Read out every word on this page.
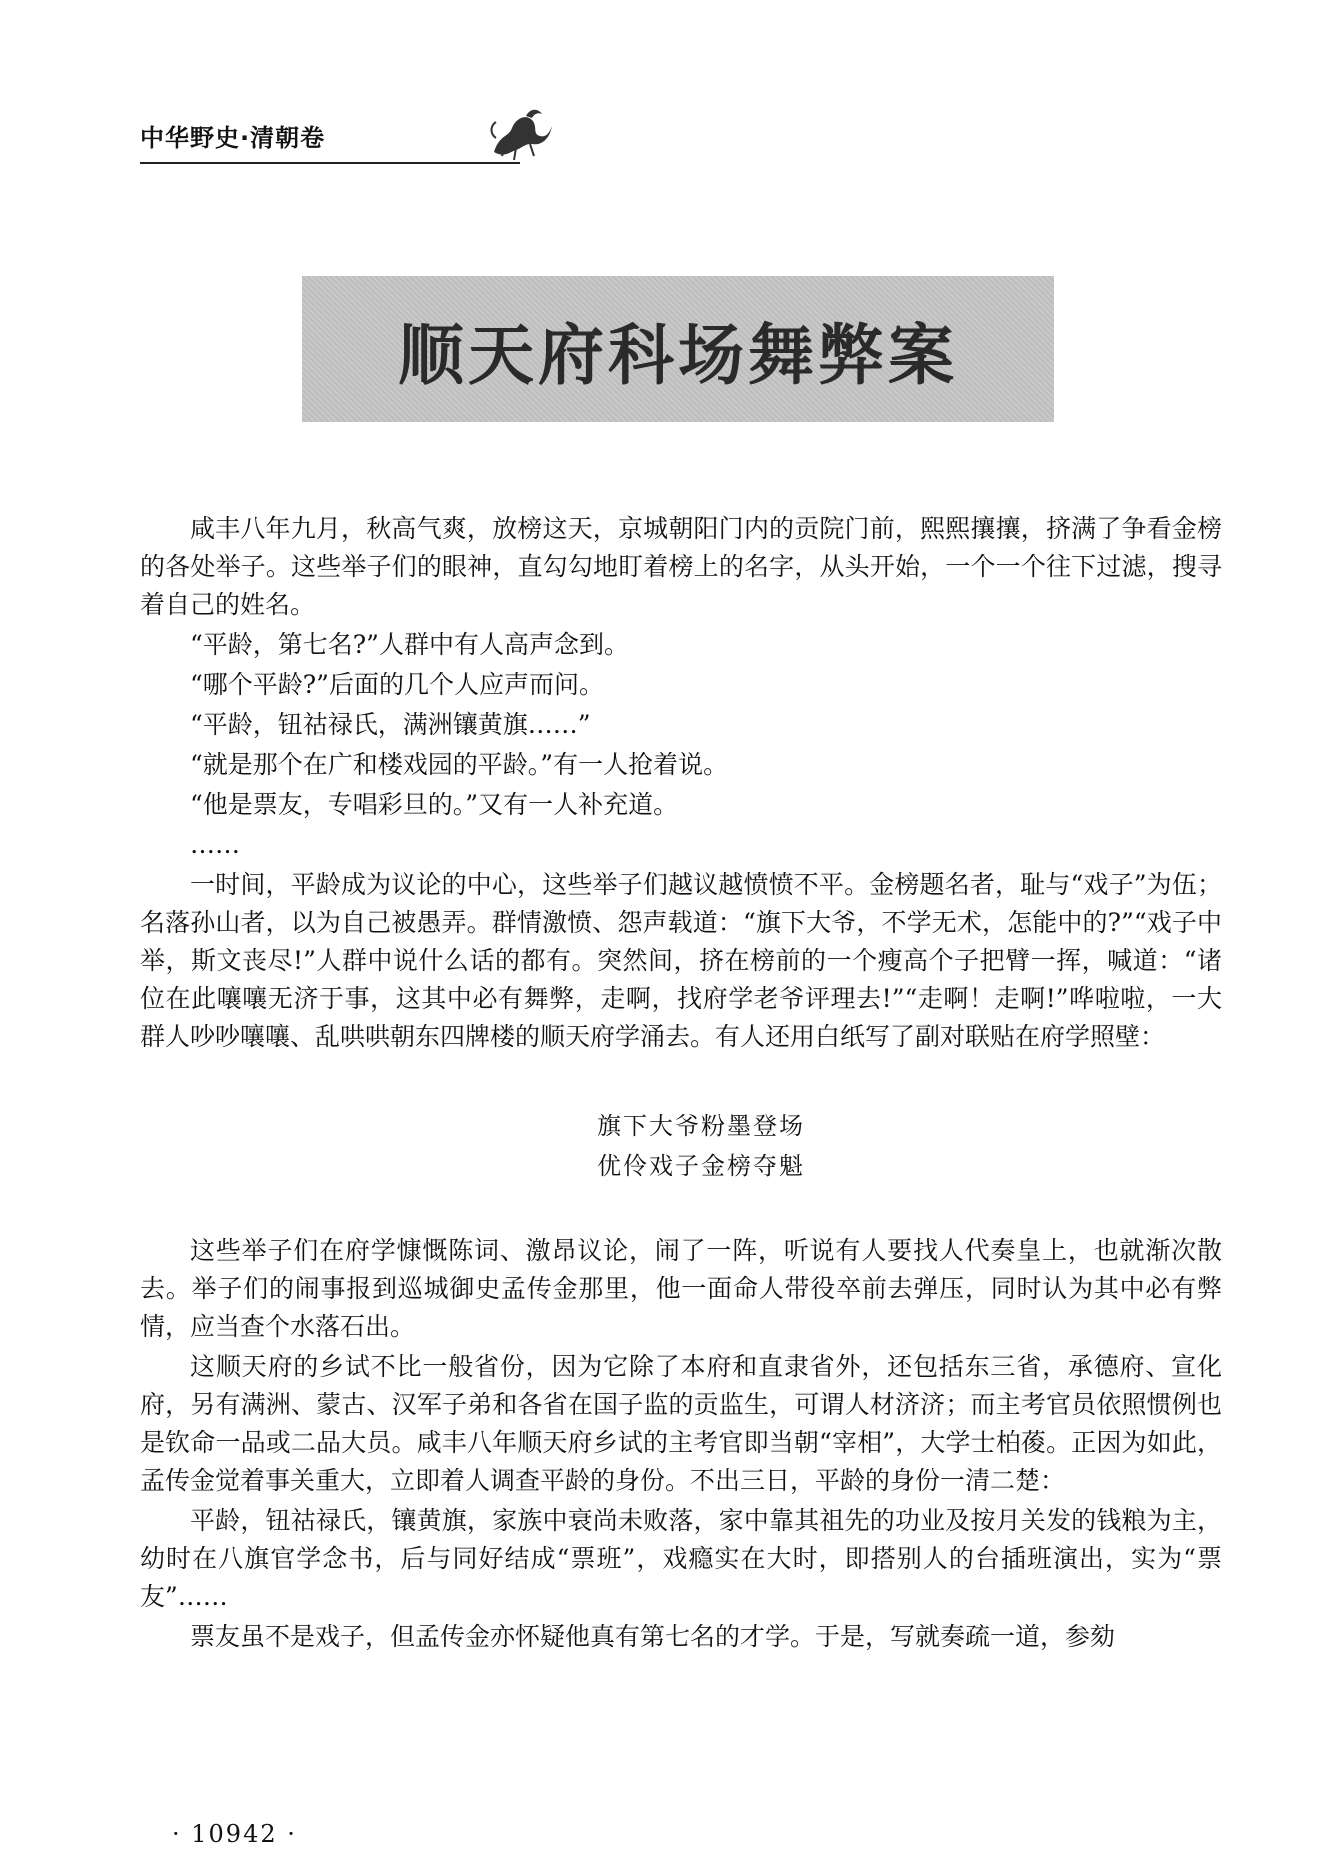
中华野史·清朝卷
顺天府科场舞弊案

咸丰八年九月，秋高气爽，放榜这天，京城朝阳门内的贡院门前，熙熙攘攘，挤满了争看金榜的各处举子。这些举子们的眼神，直勾勾地盯着榜上的名字，从头开始，一个一个往下过滤，搜寻着自己的姓名。

“平龄，第七名?”人群中有人高声念到。

“哪个平龄?”后面的几个人应声而问。

“平龄，钮祜禄氏，满洲镶黄旗……”

“就是那个在广和楼戏园的平龄。”有一人抢着说。

“他是票友，专唱彩旦的。”又有一人补充道。

……

一时间，平龄成为议论的中心，这些举子们越议越愤愤不平。金榜题名者，耻与“戏子”为伍；名落孙山者，以为自己被愚弄。群情激愤、怨声载道：“旗下大爷，不学无术，怎能中的?”“戏子中举，斯文丧尽!”人群中说什么话的都有。突然间，挤在榜前的一个瘦高个子把臂一挥，喊道：“诸位在此嚷嚷无济于事，这其中必有舞弊，走啊，找府学老爷评理去!”“走啊！走啊!”哗啦啦，一大群人吵吵嚷嚷、乱哄哄朝东四牌楼的顺天府学涌去。有人还用白纸写了副对联贴在府学照壁：

旗下大爷粉墨登场
优伶戏子金榜夺魁

这些举子们在府学慷慨陈词、激昂议论，闹了一阵，听说有人要找人代奏皇上，也就渐次散去。举子们的闹事报到巡城御史孟传金那里，他一面命人带役卒前去弹压，同时认为其中必有弊情，应当查个水落石出。

这顺天府的乡试不比一般省份，因为它除了本府和直隶省外，还包括东三省，承德府、宣化府，另有满洲、蒙古、汉军子弟和各省在国子监的贡监生，可谓人材济济；而主考官员依照惯例也是钦命一品或二品大员。咸丰八年顺天府乡试的主考官即当朝“宰相”，大学士柏葰。正因为如此，孟传金觉着事关重大，立即着人调查平龄的身份。不出三日，平龄的身份一清二楚：

平龄，钮祜禄氏，镶黄旗，家族中衰尚未败落，家中靠其祖先的功业及按月关发的钱粮为主，幼时在八旗官学念书，后与同好结成“票班”，戏瘾实在大时，即搭别人的台插班演出，实为“票友”……

票友虽不是戏子，但孟传金亦怀疑他真有第七名的才学。于是，写就奏疏一道，参劾

· 10942 ·
